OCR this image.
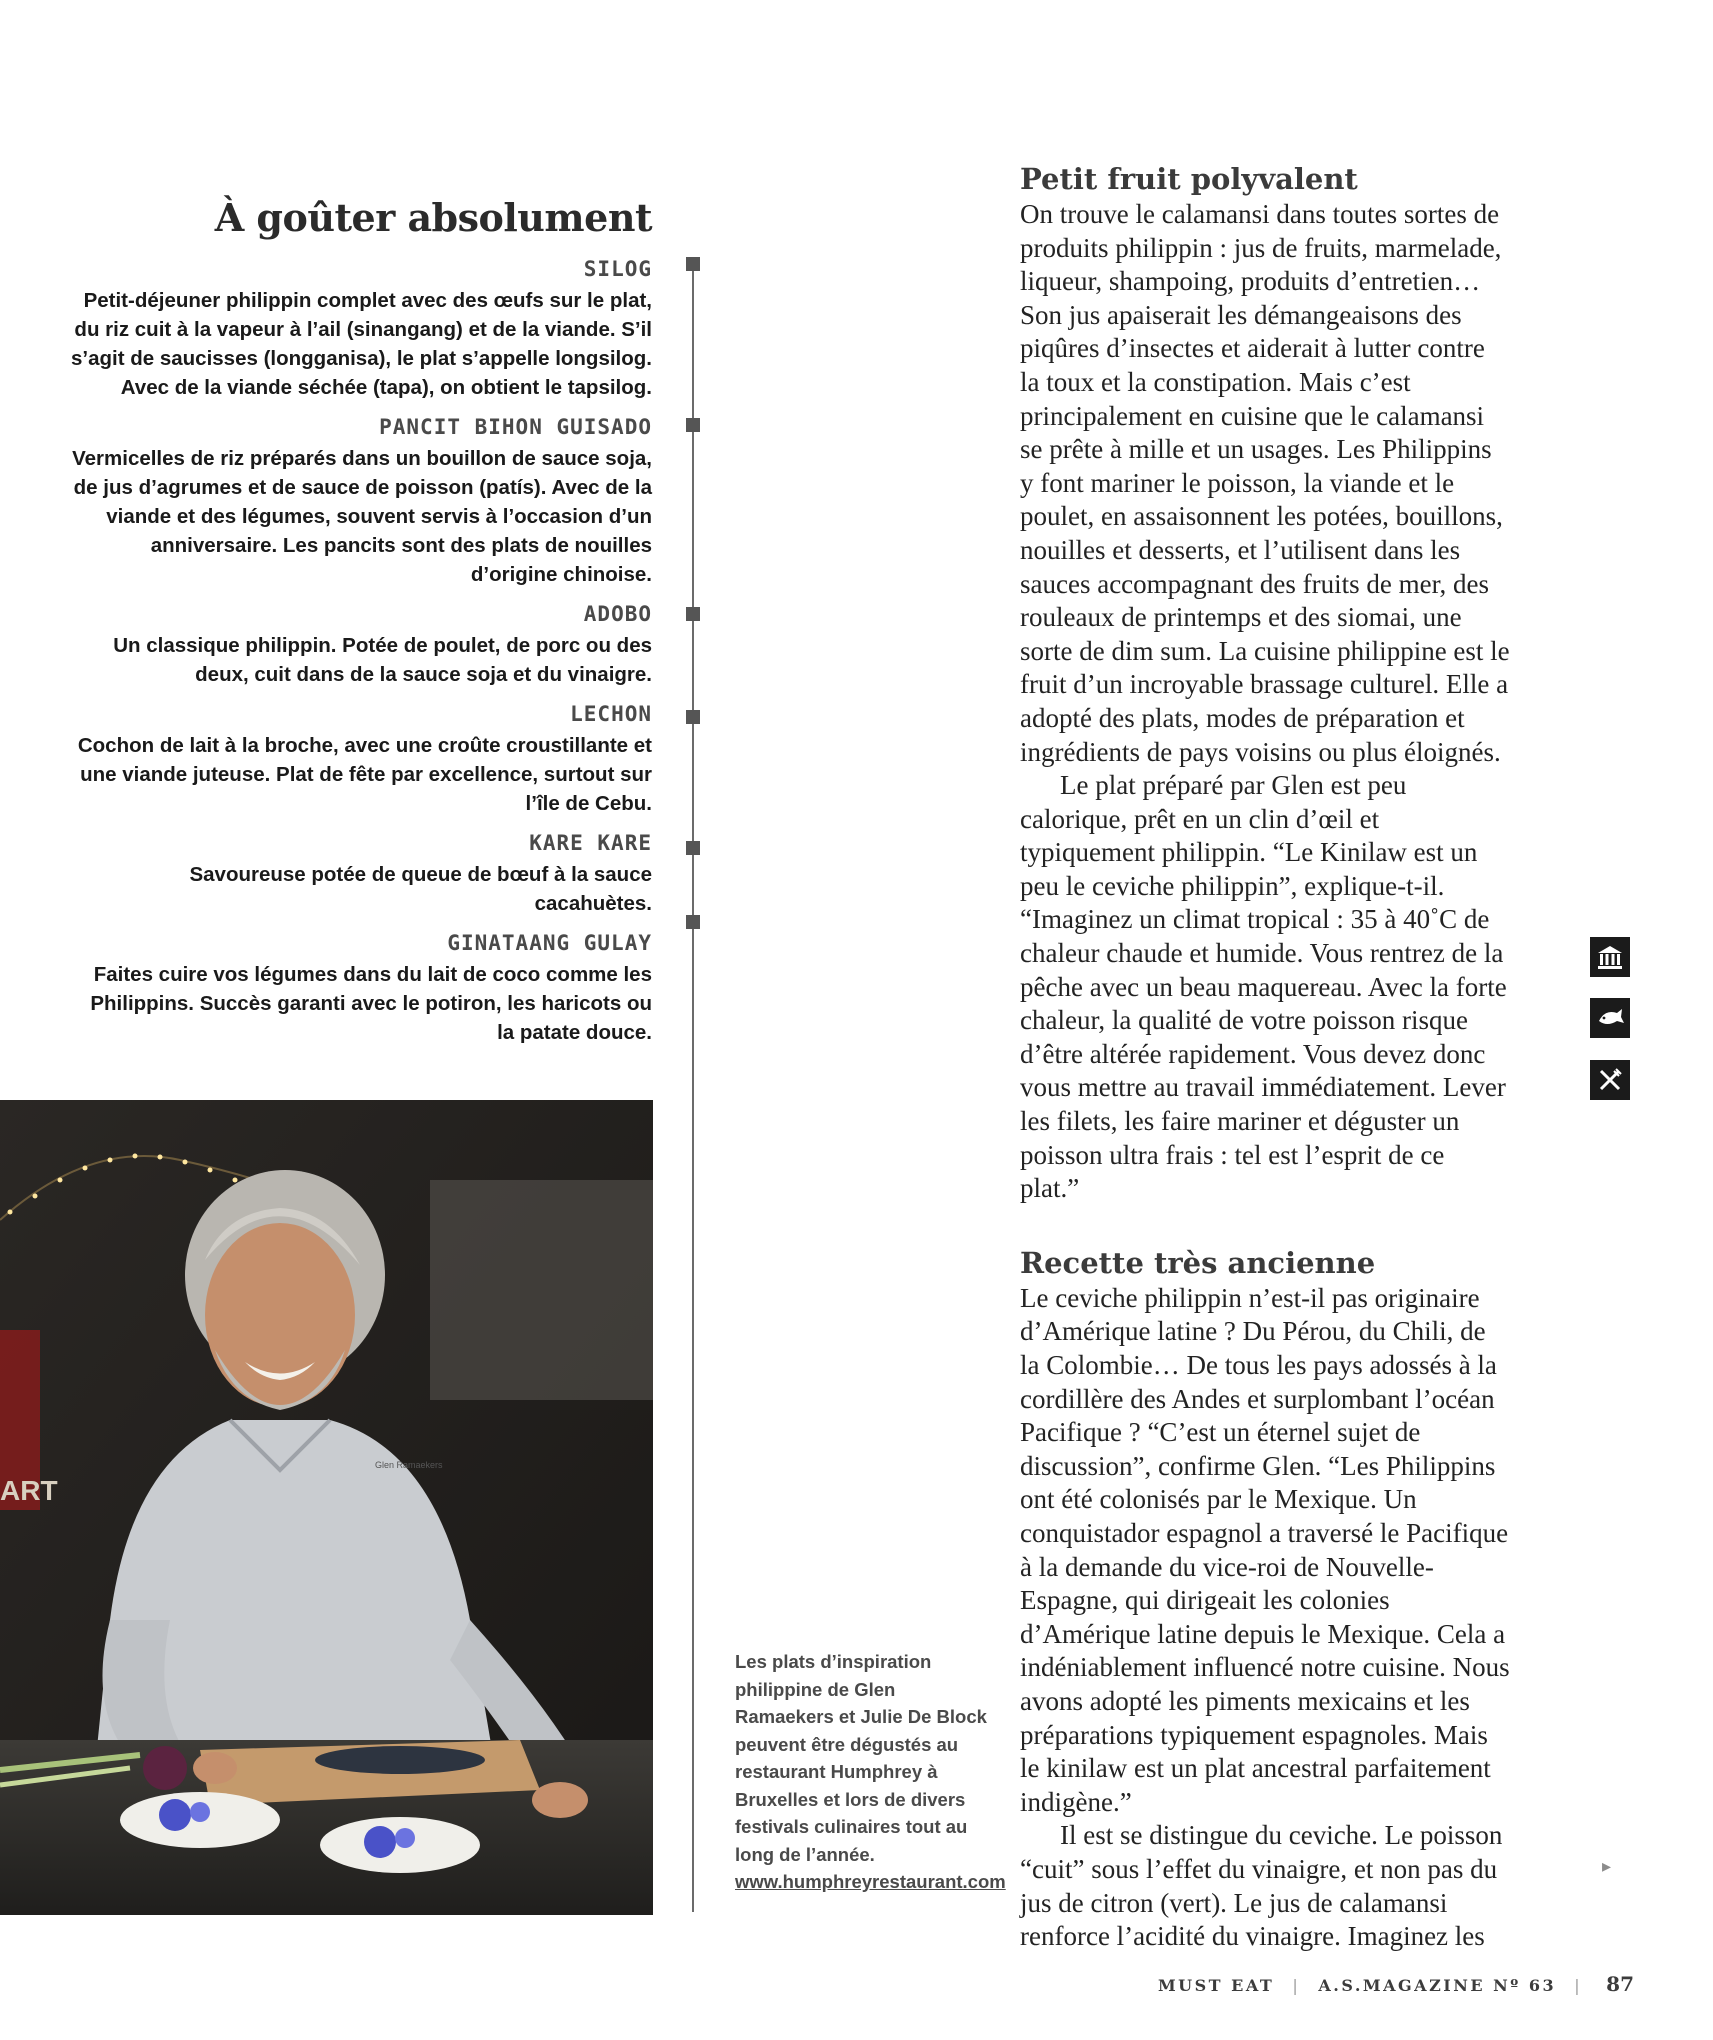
À goûter absolument
SILOG
Petit-déjeuner philippin complet avec des œufs sur le plat, du riz cuit à la vapeur à l’ail (sinangang) et de la viande. S’il s’agit de saucisses (longganisa), le plat s’appelle longsilog. Avec de la viande séchée (tapa), on obtient le tapsilog.
PANCIT BIHON GUISADO
Vermicelles de riz préparés dans un bouillon de sauce soja, de jus d’agrumes et de sauce de poisson (patís). Avec de la viande et des légumes, souvent servis à l’occasion d’un anniversaire. Les pancits sont des plats de nouilles d’origine chinoise.
ADOBO
Un classique philippin. Potée de poulet, de porc ou des deux, cuit dans de la sauce soja et du vinaigre.
LECHON
Cochon de lait à la broche, avec une croûte croustillante et une viande juteuse. Plat de fête par excellence, surtout sur l’île de Cebu.
KARE KARE
Savoureuse potée de queue de bœuf à la sauce cacahuètes.
GINATAANG GULAY
Faites cuire vos légumes dans du lait de coco comme les Philippins. Succès garanti avec le potiron, les haricots ou la patate douce.
ART
Glen Ramaekers
Les plats d’inspiration philippine de Glen Ramaekers et Julie De Block peuvent être dégustés au restaurant Humphrey à Bruxelles et lors de divers festivals culinaires tout au long de l’année.
www.humphreyrestaurant.com
Petit fruit polyvalent

On trouve le calamansi dans toutes sortes de produits philippin : jus de fruits, marmelade, liqueur, shampoing, produits d’entretien… Son jus apaiserait les démangeaisons des piqûres d’insectes et aiderait à lutter contre la toux et la constipation. Mais c’est principalement en cuisine que le calamansi se prête à mille et un usages. Les Philippins y font mariner le poisson, la viande et le poulet, en assaisonnent les potées, bouillons, nouilles et desserts, et l’utilisent dans les sauces accompagnant des fruits de mer, des rouleaux de printemps et des siomai, une sorte de dim sum. La cuisine philippine est le fruit d’un incroyable brassage culturel. Elle a adopté des plats, modes de préparation et ingrédients de pays voisins ou plus éloignés.

Le plat préparé par Glen est peu calorique, prêt en un clin d’œil et typiquement philippin. “Le Kinilaw est un peu le ceviche philippin”, explique-t-il. “Imaginez un climat tropical : 35 à 40˚C de chaleur chaude et humide. Vous rentrez de la pêche avec un beau maquereau. Avec la forte chaleur, la qualité de votre poisson risque d’être altérée rapidement. Vous devez donc vous mettre au travail immédiatement. Lever les filets, les faire mariner et déguster un poisson ultra frais : tel est l’esprit de ce plat.”

Recette très ancienne

Le ceviche philippin n’est-il pas originaire d’Amérique latine ? Du Pérou, du Chili, de la Colombie… De tous les pays adossés à la cordillère des Andes et surplombant l’océan Pacifique ? “C’est un éternel sujet de discussion”, confirme Glen. “Les Philippins ont été colonisés par le Mexique. Un conquistador espagnol a traversé le Pacifique à la demande du vice-roi de Nouvelle-Espagne, qui dirigeait les colonies d’Amérique latine depuis le Mexique. Cela a indéniablement influencé notre cuisine. Nous avons adopté les piments mexicains et les préparations typiquement espagnoles. Mais le kinilaw est un plat ancestral parfaitement indigène.”

Il est se distingue du ceviche. Le poisson “cuit” sous l’effet du vinaigre, et non pas du jus de citron (vert). Le jus de calamansi renforce l’acidité du vinaigre. Imaginez les

▸
MUST EAT | A.S.MAGAZINE Nº 63 | 87
